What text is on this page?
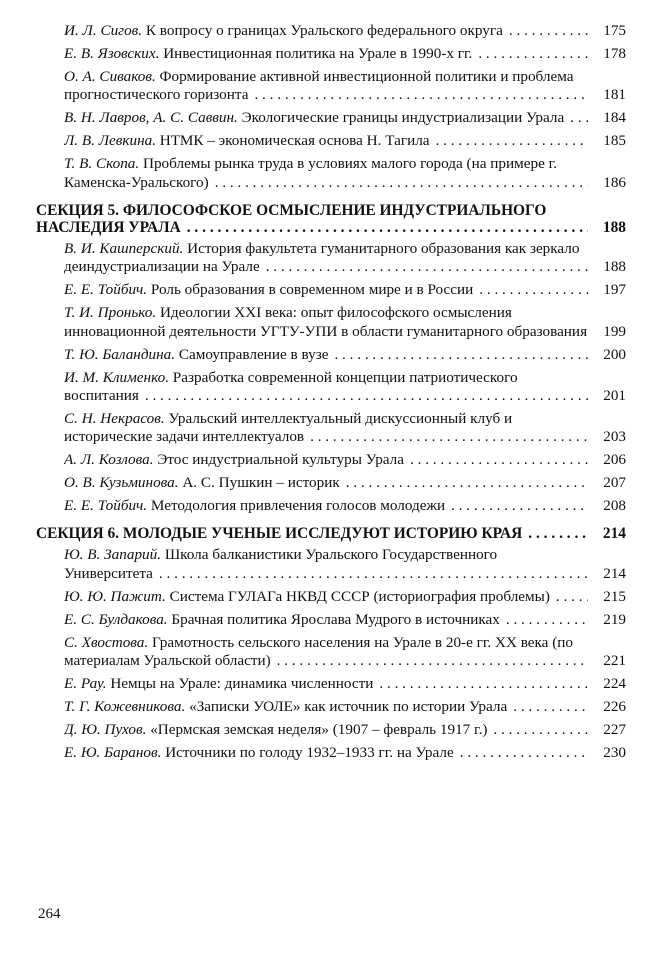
И. Л. Сигов. К вопросу о границах Уральского федерального округа . . .	175
Е. В. Язовских. Инвестиционная политика на Урале в 1990-х гг. . . .	178
О. А. Сиваков. Формирование активной инвестиционной политики и проблема прогностического горизонта . . .	181
В. Н. Лавров, А. С. Саввин. Экологические границы индустриализации Урала . . .	184
Л. В. Левкина. НТМК – экономическая основа Н. Тагила . . .	185
Т. В. Скопа. Проблемы рынка труда в условиях малого города (на примере г. Каменска-Уральского) . . .	186
СЕКЦИЯ 5. ФИЛОСОФСКОЕ ОСМЫСЛЕНИЕ ИНДУСТРИАЛЬНОГО НАСЛЕДИЯ УРАЛА . . .	188
В. И. Кашперский. История факультета гуманитарного образования как зеркало деиндустриализации на Урале . . .	188
Е. Е. Тойбич. Роль образования в современном мире и в России . . .	197
Т. И. Пронько. Идеологии XXI века: опыт философского осмысления инновационной деятельности УГТУ-УПИ в области гуманитарного образования . . .	199
Т. Ю. Баландина. Самоуправление в вузе . . .	200
И. М. Клименко. Разработка современной концепции патриотического воспитания . . .	201
С. Н. Некрасов. Уральский интеллектуальный дискуссионный клуб и исторические задачи интеллектуалов . . .	203
А. Л. Козлова. Этос индустриальной культуры Урала . . .	206
О. В. Кузьминова. А. С. Пушкин – историк . . .	207
Е. Е. Тойбич. Методология привлечения голосов молодежи . . .	208
СЕКЦИЯ 6. МОЛОДЫЕ УЧЕНЫЕ ИССЛЕДУЮТ ИСТОРИЮ КРАЯ . . .	214
Ю. В. Запарий. Школа балканистики Уральского Государственного Университета . . .	214
Ю. Ю. Пажит. Система ГУЛАГа НКВД СССР (историография проблемы) . . .	215
Е. С. Булдакова. Брачная политика Ярослава Мудрого в источниках . . .	219
С. Хвостова. Грамотность сельского населения на Урале в 20-е гг. XX века (по материалам Уральской области) . . .	221
Е. Рау. Немцы на Урале: динамика численности . . .	224
Т. Г. Кожевникова. «Записки УОЛЕ» как источник по истории Урала . . .	226
Д. Ю. Пухов. «Пермская земская неделя» (1907 – февраль 1917 г.) . . .	227
Е. Ю. Баранов. Источники по голоду 1932–1933 гг. на Урале . . .	230
264
